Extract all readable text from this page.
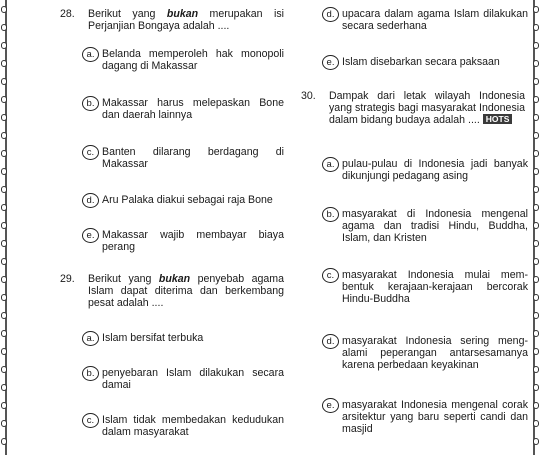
28. Berikut yang bukan merupakan isi Perjanjian Bongaya adalah ....
a. Belanda memperoleh hak monopoli dagang di Makassar
b. Makassar harus melepaskan Bone dan daerah lainnya
c. Banten dilarang berdagang di Makassar
d. Aru Palaka diakui sebagai raja Bone
e. Makassar wajib membayar biaya perang
29. Berikut yang bukan penyebab agama Islam dapat diterima dan berkembang pesat adalah ....
a. Islam bersifat terbuka
b. penyebaran Islam dilakukan secara damai
c. Islam tidak membedakan kedudukan dalam masyarakat
d. upacara dalam agama Islam dilakukan secara sederhana
e. Islam disebarkan secara paksaan
30. Dampak dari letak wilayah Indonesia yang strategis bagi masyarakat Indonesia dalam bidang budaya adalah .... HOTS
a. pulau-pulau di Indonesia jadi banyak dikunjungi pedagang asing
b. masyarakat di Indonesia mengenal agama dan tradisi Hindu, Buddha, Islam, dan Kristen
c. masyarakat Indonesia mulai mem-bentuk kerajaan-kerajaan bercorak Hindu-Buddha
d. masyarakat Indonesia sering meng-alami peperangan antarsesamanya karena perbedaan keyakinan
e. masyarakat Indonesia mengenal corak arsitektur yang baru seperti candi dan masjid
